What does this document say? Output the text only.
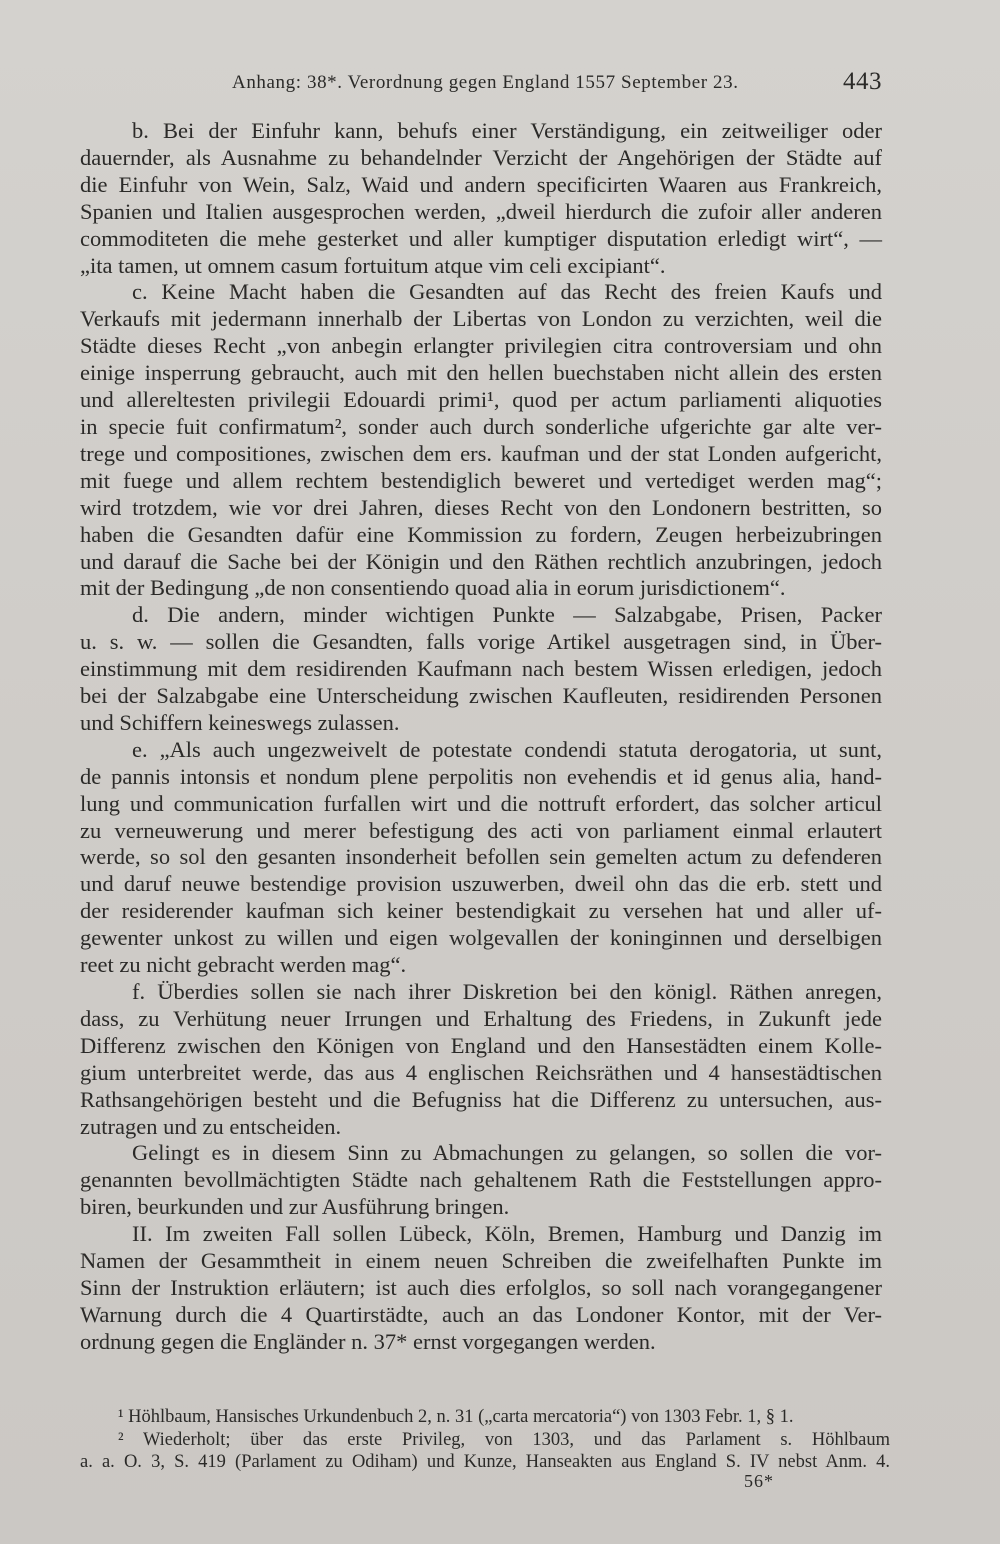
Anhang: 38*. Verordnung gegen England 1557 September 23.	443
b. Bei der Einfuhr kann, behufs einer Verständigung, ein zeitweiliger oder
dauernder, als Ausnahme zu behandelnder Verzicht der Angehörigen der Städte auf
die Einfuhr von Wein, Salz, Waid und andern specificirten Waaren aus Frankreich,
Spanien und Italien ausgesprochen werden, „dweil hierdurch die zufoir aller anderen
commoditeten die mehe gesterket und aller kumptiger disputation erledigt wirt“, —
„ita tamen, ut omnem casum fortuitum atque vim celi excipiant“.
c. Keine Macht haben die Gesandten auf das Recht des freien Kaufs und
Verkaufs mit jedermann innerhalb der Libertas von London zu verzichten, weil die
Städte dieses Recht „von anbegin erlangter privilegien citra controversiam und ohn
einige insperrung gebraucht, auch mit den hellen buechstaben nicht allein des ersten
und allereltesten privilegii Edouardi primi¹, quod per actum parliamenti aliquoties
in specie fuit confirmatum², sonder auch durch sonderliche ufgerichte gar alte ver-
trege und compositiones, zwischen dem ers. kaufman und der stat Londen aufgericht,
mit fuege und allem rechtem bestendiglich beweret und vertediget werden mag“;
wird trotzdem, wie vor drei Jahren, dieses Recht von den Londonern bestritten, so
haben die Gesandten dafür eine Kommission zu fordern, Zeugen herbeizubringen
und darauf die Sache bei der Königin und den Räthen rechtlich anzubringen, jedoch
mit der Bedingung „de non consentiendo quoad alia in eorum jurisdictionem“.
d. Die andern, minder wichtigen Punkte — Salzabgabe, Prisen, Packer
u. s. w. — sollen die Gesandten, falls vorige Artikel ausgetragen sind, in Über-
einstimmung mit dem residirenden Kaufmann nach bestem Wissen erledigen, jedoch
bei der Salzabgabe eine Unterscheidung zwischen Kaufleuten, residirenden Personen
und Schiffern keineswegs zulassen.
e. „Als auch ungezweivelt de potestate condendi statuta derogatoria, ut sunt,
de pannis intonsis et nondum plene perpolitis non evehendis et id genus alia, hand-
lung und communication furfallen wirt und die nottruft erfordert, das solcher articul
zu verneuwerung und merer befestigung des acti von parliament einmal erlautert
werde, so sol den gesanten insonderheit befollen sein gemelten actum zu defenderen
und daruf neuwe bestendige provision uszuwerben, dweil ohn das die erb. stett und
der residerender kaufman sich keiner bestendigkait zu versehen hat und aller uf-
gewenter unkost zu willen und eigen wolgevallen der koninginnen und derselbigen
reet zu nicht gebracht werden mag“.
f. Überdies sollen sie nach ihrer Diskretion bei den königl. Räthen anregen,
dass, zu Verhütung neuer Irrungen und Erhaltung des Friedens, in Zukunft jede
Differenz zwischen den Königen von England und den Hansestädten einem Kolle-
gium unterbreitet werde, das aus 4 englischen Reichsräthen und 4 hansestädtischen
Rathsangehörigen besteht und die Befugniss hat die Differenz zu untersuchen, aus-
zutragen und zu entscheiden.
Gelingt es in diesem Sinn zu Abmachungen zu gelangen, so sollen die vor-
genannten bevollmächtigten Städte nach gehaltenem Rath die Feststellungen appro-
biren, beurkunden und zur Ausführung bringen.
II. Im zweiten Fall sollen Lübeck, Köln, Bremen, Hamburg und Danzig im
Namen der Gesammtheit in einem neuen Schreiben die zweifelhaften Punkte im
Sinn der Instruktion erläutern; ist auch dies erfolglos, so soll nach vorangegangener
Warnung durch die 4 Quartirstädte, auch an das Londoner Kontor, mit der Ver-
ordnung gegen die Engländer n. 37* ernst vorgegangen werden.
¹ Höhlbaum, Hansisches Urkundenbuch 2, n. 31 („carta mercatoria“) von 1303 Febr. 1, § 1.
² Wiederholt; über das erste Privileg, von 1303, und das Parlament s. Höhlbaum
a. a. O. 3, S. 419 (Parlament zu Odiham) und Kunze, Hanseakten aus England S. IV nebst Anm. 4.
56*
